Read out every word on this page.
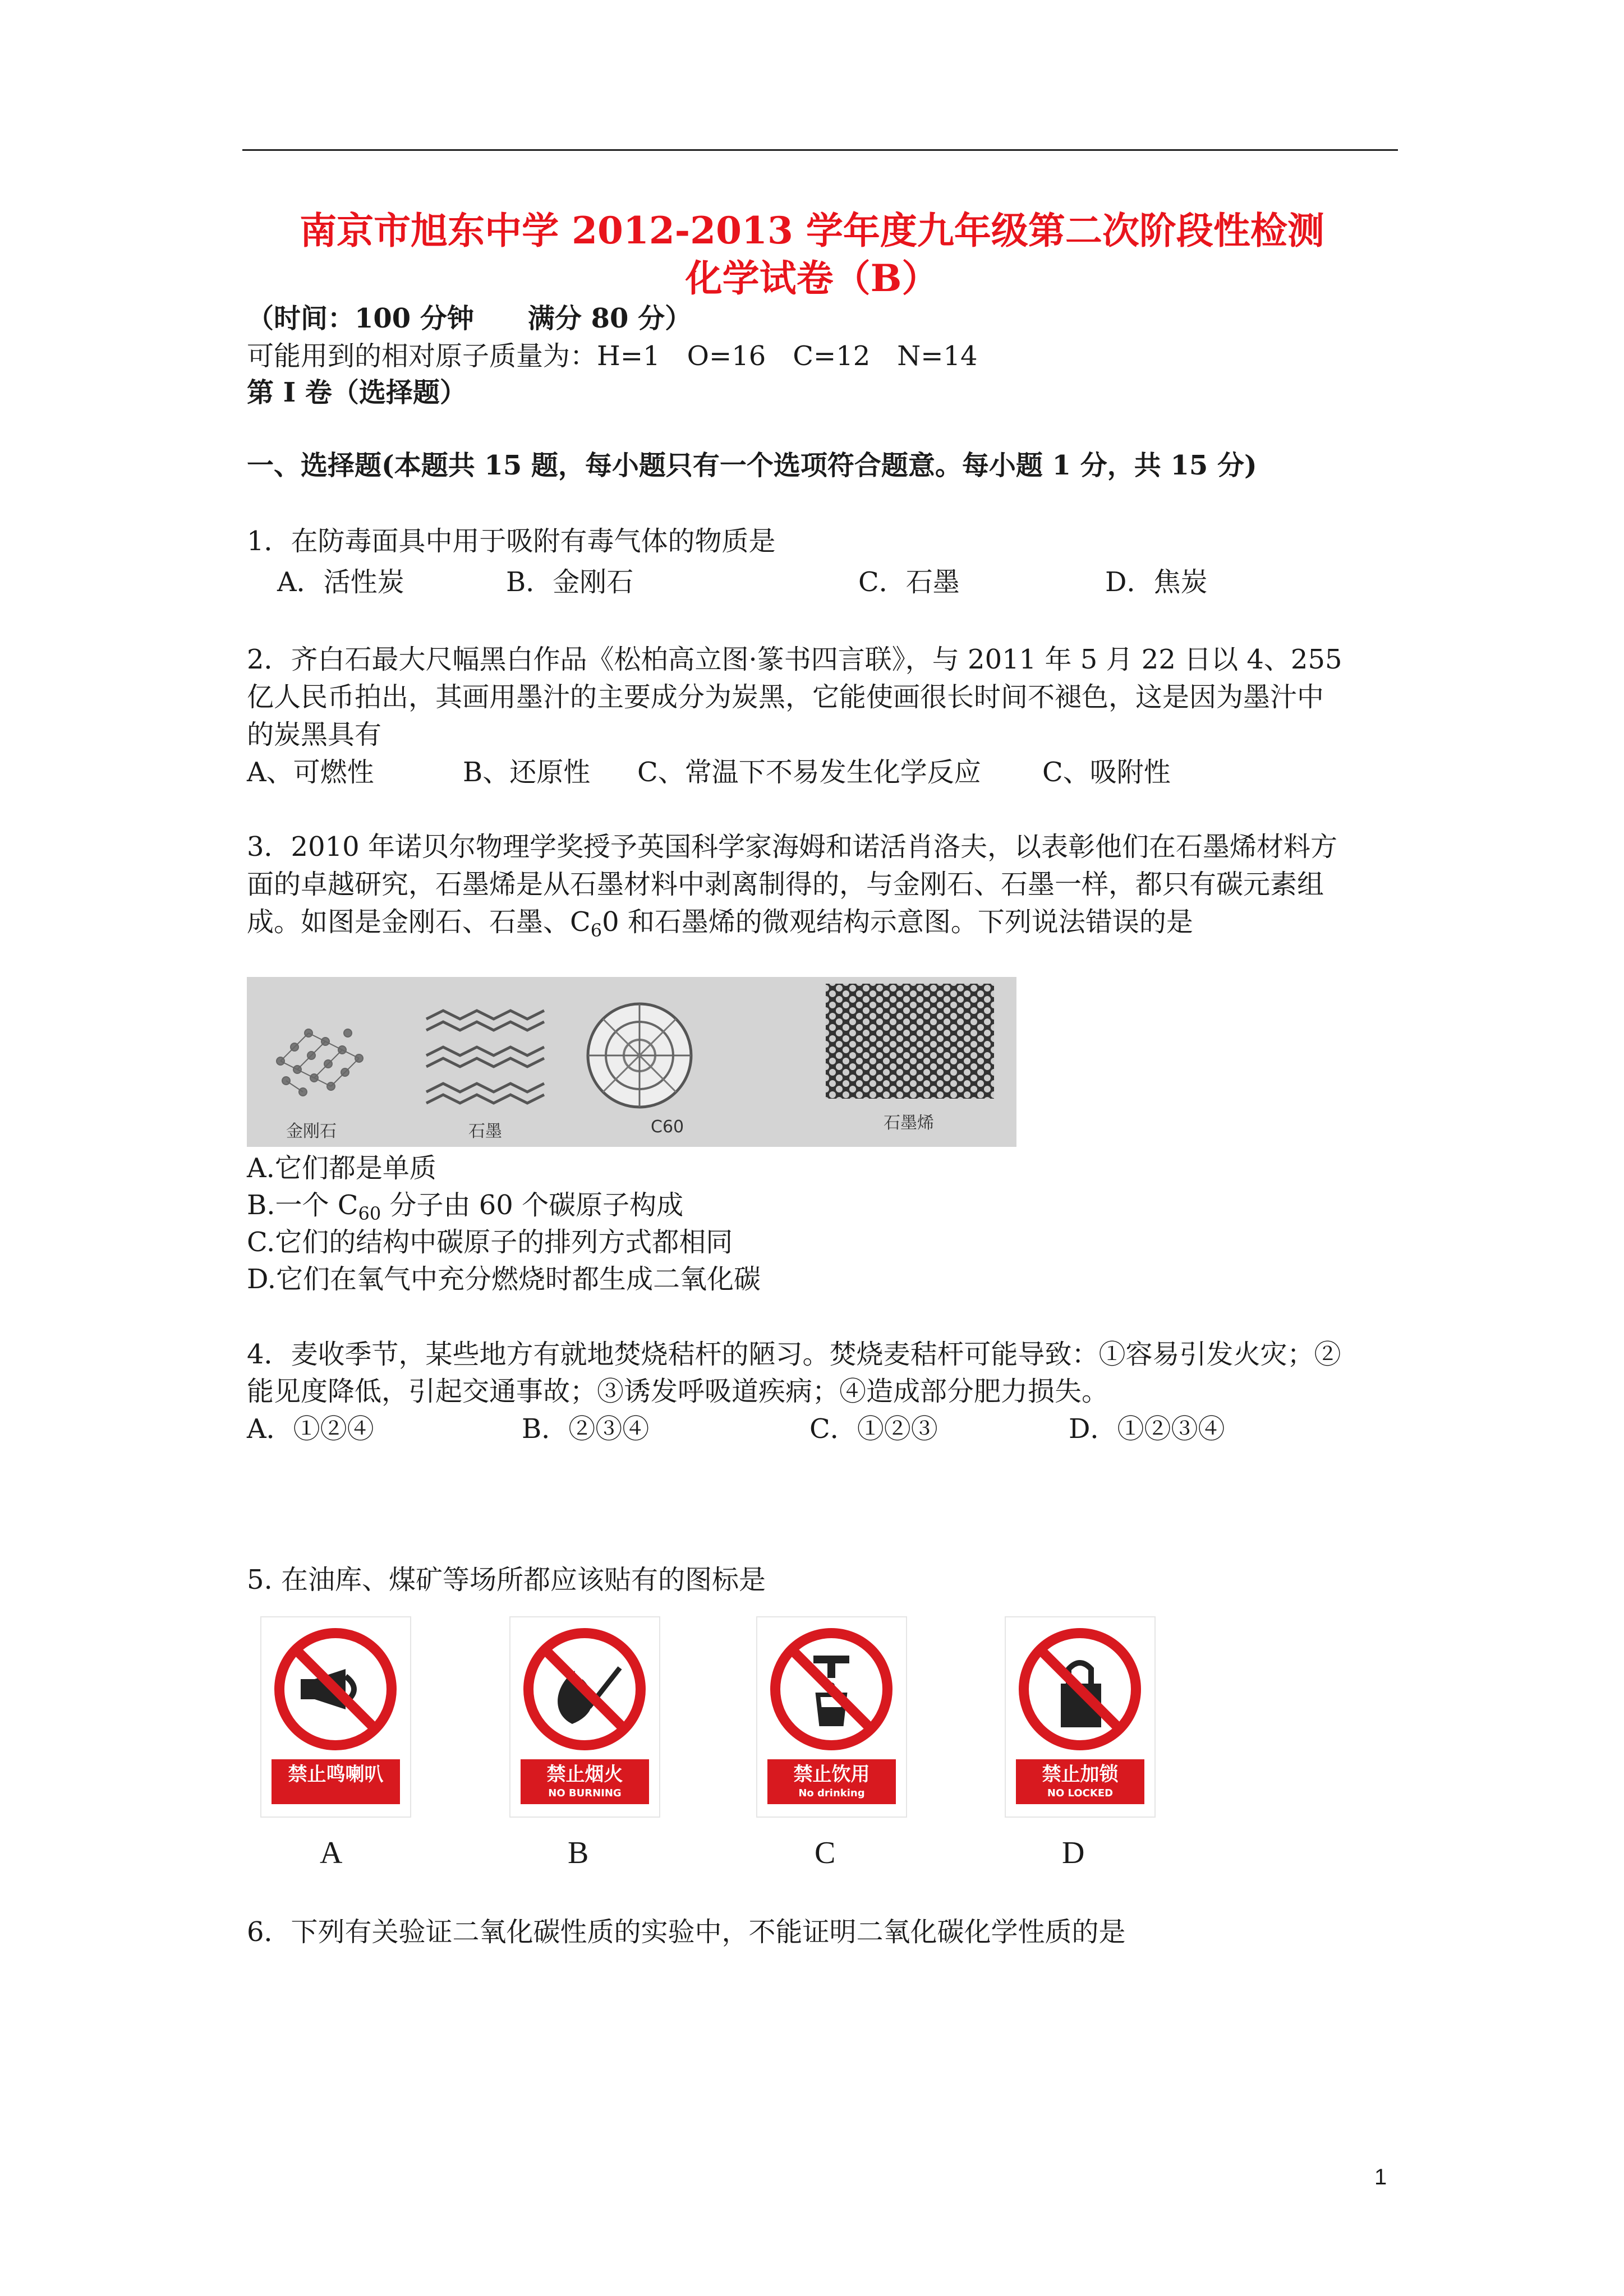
南京市旭东中学 2012-2013 学年度九年级第二次阶段性检测
化学试卷（B）
（时间：100 分钟　　满分 80 分）
可能用到的相对原子质量为：H=1　O=16　C=12　N=14
第 I 卷（选择题）
一、选择题(本题共 15 题，每小题只有一个选项符合题意。每小题 1 分，共 15 分)
1．在防毒面具中用于吸附有毒气体的物质是
A．活性炭	B．金刚石	C．石墨	D．焦炭
2．齐白石最大尺幅黑白作品《松柏高立图·篆书四言联》，与 2011 年 5 月 22 日以 4、255
亿人民币拍出，其画用墨汁的主要成分为炭黑，它能使画很长时间不褪色，这是因为墨汁中
的炭黑具有
A、可燃性	B、还原性 C、常温下不易发生化学反应 C、吸附性
3．2010 年诺贝尔物理学奖授予英国科学家海姆和诺活肖洛夫，以表彰他们在石墨烯材料方
面的卓越研究，石墨烯是从石墨材料中剥离制得的，与金刚石、石墨一样，都只有碳元素组
成。如图是金刚石、石墨、$C_60$ 和石墨烯的微观结构示意图。下列说法错误的是
金刚石	石墨	C60	石墨烯
A.它们都是单质
B.一个 $C_{60}$ 分子由 60 个碳原子构成
C.它们的结构中碳原子的排列方式都相同
D.它们在氧气中充分燃烧时都生成二氧化碳
4．麦收季节，某些地方有就地焚烧秸杆的陋习。焚烧麦秸杆可能导致：①容易引发火灾；②
能见度降低，引起交通事故；③诱发呼吸道疾病；④造成部分肥力损失。
A．①②④	B．②③④	C．①②③	D．①②③④
5. 在油库、煤矿等场所都应该贴有的图标是
禁止鸣喇叭
A
禁止烟火
NO BURNING
B
禁止饮用
No drinking
C
禁止加锁
NO LOCKED
D
6．下列有关验证二氧化碳性质的实验中，不能证明二氧化碳化学性质的是
1
